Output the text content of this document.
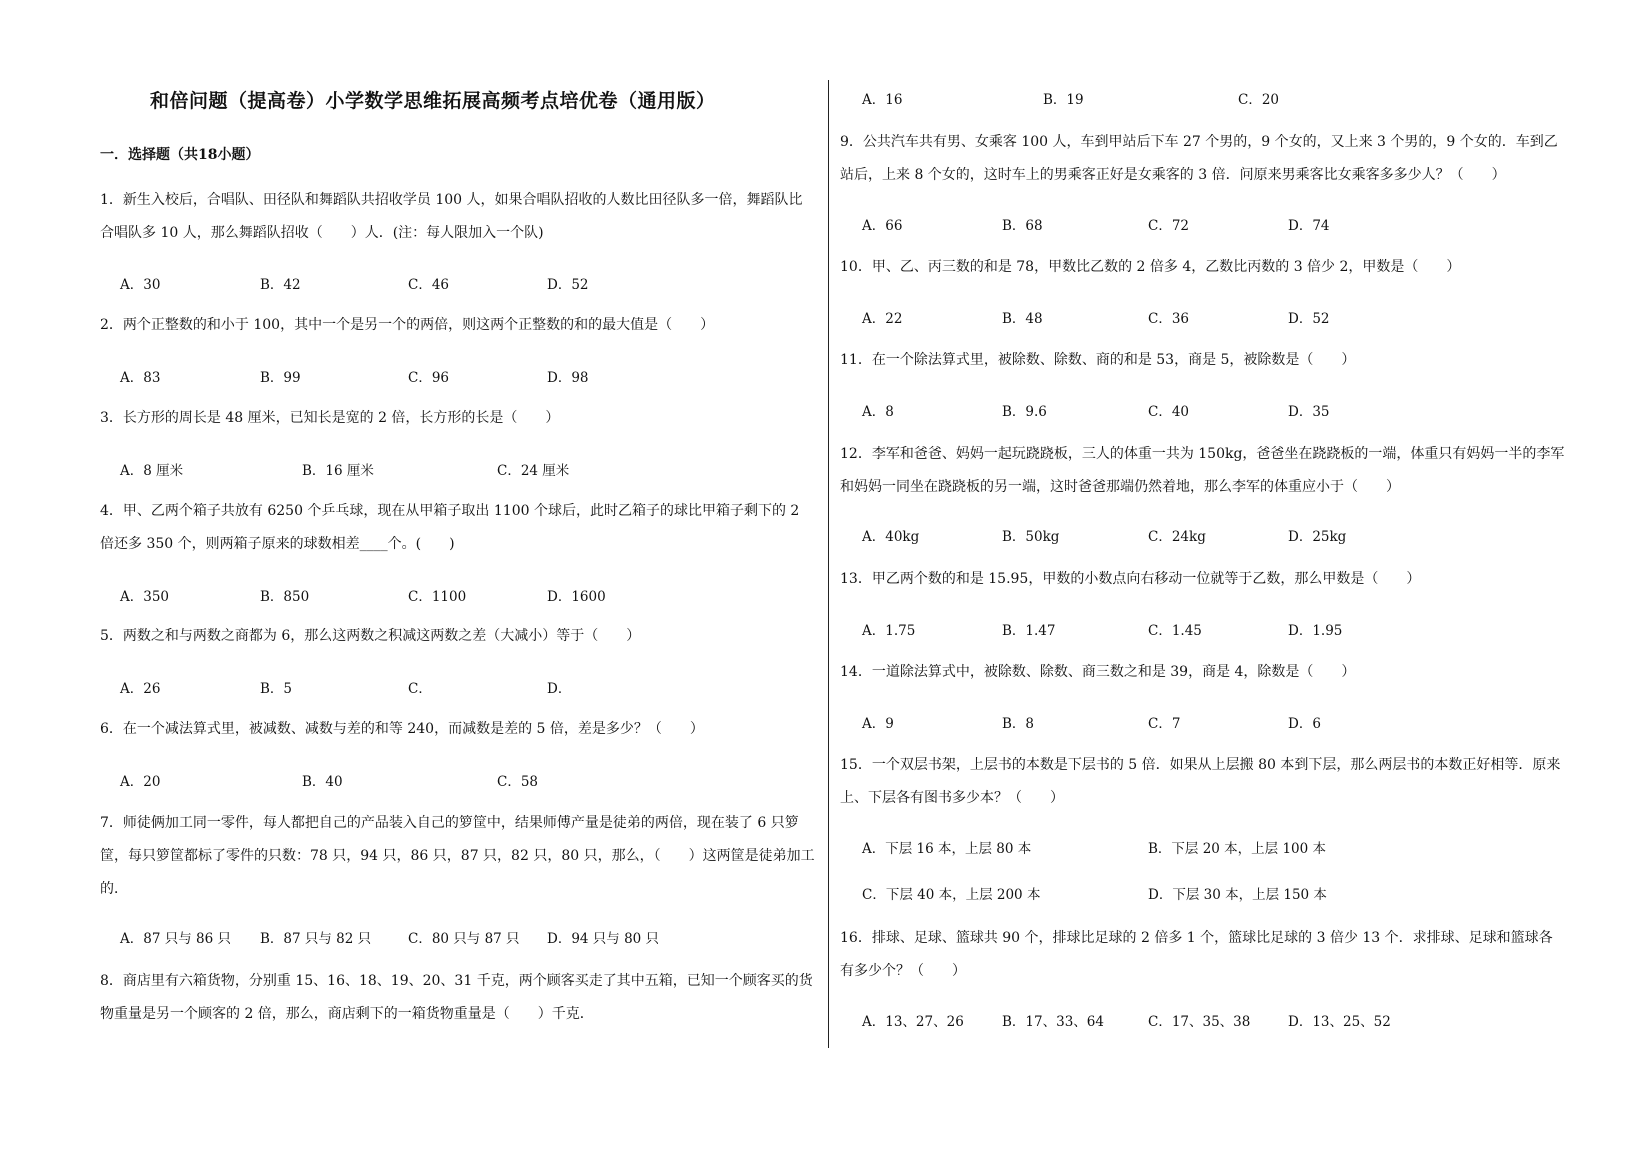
和倍问题（提高卷）小学数学思维拓展高频考点培优卷（通用版）
一．选择题（共18小题）
1．新生入校后，合唱队、田径队和舞蹈队共招收学员 100 人，如果合唱队招收的人数比田径队多一倍，舞蹈队比合唱队多 10 人，那么舞蹈队招收（　　）人．(注：每人限加入一个队)
A．30	B．42	C．46	D．52
2．两个正整数的和小于 100，其中一个是另一个的两倍，则这两个正整数的和的最大值是（　　）
A．83	B．99	C．96	D．98
3．长方形的周长是 48 厘米，已知长是宽的 2 倍，长方形的长是（　　）
A．8 厘米	B．16 厘米	C．24 厘米
4．甲、乙两个箱子共放有 6250 个乒乓球，现在从甲箱子取出 1100 个球后，此时乙箱子的球比甲箱子剩下的 2 倍还多 350 个，则两箱子原来的球数相差____个。(　　)
A．350	B．850	C．1100	D．1600
5．两数之和与两数之商都为 6，那么这两数之积减这两数之差（大减小）等于（　　）
A．26	B．5	C．	D．
6．在一个减法算式里，被减数、减数与差的和等 240，而减数是差的 5 倍，差是多少？（　　）
A．20	B．40	C．58
7．师徒俩加工同一零件，每人都把自己的产品装入自己的箩筐中，结果师傅产量是徒弟的两倍，现在装了 6 只箩筐，每只箩筐都标了零件的只数：78 只，94 只，86 只，87 只，82 只，80 只，那么，（　　）这两筐是徒弟加工的．
A．87 只与 86 只 B．87 只与 82 只	C．80 只与 87 只 D．94 只与 80 只
8．商店里有六箱货物，分别重 15、16、18、19、20、31 千克，两个顾客买走了其中五箱，已知一个顾客买的货物重量是另一个顾客的 2 倍，那么，商店剩下的一箱货物重量是（　　）千克．
A．16	B．19	C．20
9．公共汽车共有男、女乘客 100 人，车到甲站后下车 27 个男的，9 个女的，又上来 3 个男的，9 个女的．车到乙站后，上来 8 个女的，这时车上的男乘客正好是女乘客的 3 倍．问原来男乘客比女乘客多多少人？（　　）
A．66	B．68	C．72	D．74
10．甲、乙、丙三数的和是 78，甲数比乙数的 2 倍多 4，乙数比丙数的 3 倍少 2，甲数是（　　）
A．22	B．48	C．36	D．52
11．在一个除法算式里，被除数、除数、商的和是 53，商是 5，被除数是（　　）
A．8	B．9.6	C．40	D．35
12．李军和爸爸、妈妈一起玩跷跷板，三人的体重一共为 150kg，爸爸坐在跷跷板的一端，体重只有妈妈一半的李军和妈妈一同坐在跷跷板的另一端，这时爸爸那端仍然着地，那么李军的体重应小于（　　）
A．40kg	B．50kg	C．24kg	D．25kg
13．甲乙两个数的和是 15.95，甲数的小数点向右移动一位就等于乙数，那么甲数是（　　）
A．1.75	B．1.47	C．1.45	D．1.95
14．一道除法算式中，被除数、除数、商三数之和是 39，商是 4，除数是（　　）
A．9	B．8	C．7	D．6
15．一个双层书架，上层书的本数是下层书的 5 倍．如果从上层搬 80 本到下层，那么两层书的本数正好相等．原来上、下层各有图书多少本？（　　）
A．下层 16 本，上层 80 本	B．下层 20 本，上层 100 本
C．下层 40 本，上层 200 本	D．下层 30 本，上层 150 本
16．排球、足球、篮球共 90 个，排球比足球的 2 倍多 1 个，篮球比足球的 3 倍少 13 个．求排球、足球和篮球各有多少个？（　　）
A．13、27、26	B．17、33、64	C．17、35、38	D．13、25、52
